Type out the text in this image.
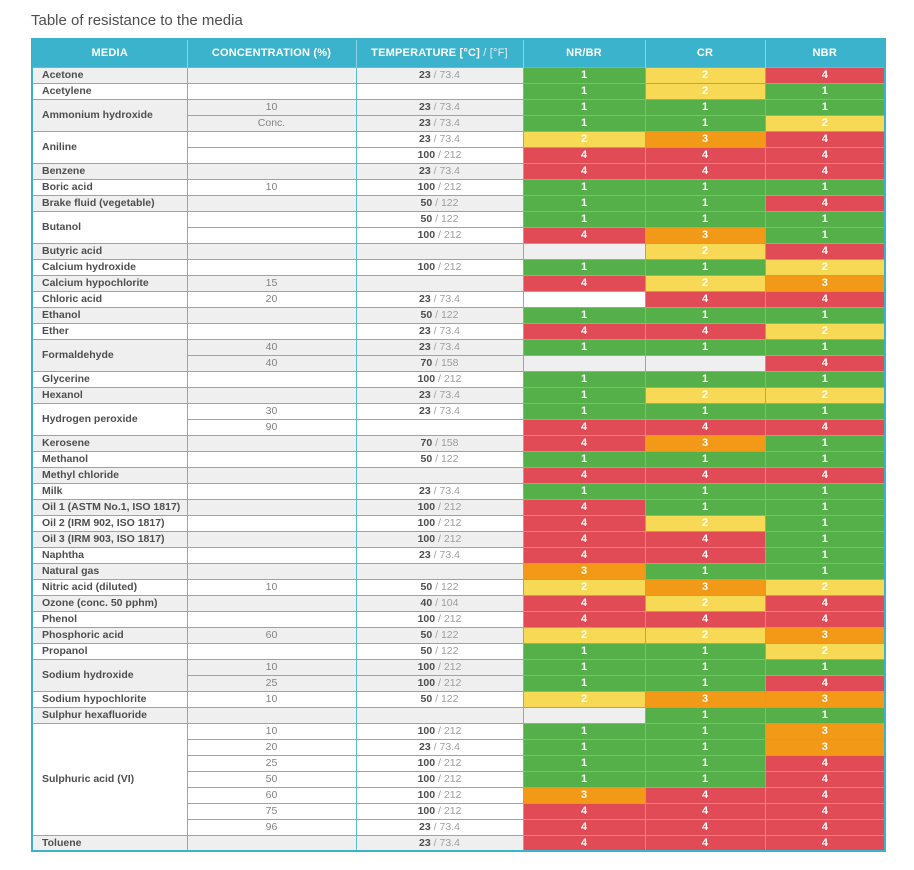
Table of resistance to the media
MEDIA	CONCENTRATION (%)	TEMPERATURE [°C] / [°F]	NR/BR	CR	NBR
Acetone		23 / 73.4	1	2	4
Acetylene			1	2	1
Ammonium hydroxide	10	23 / 73.4	1	1	1
	Conc.	23 / 73.4	1	1	2
Aniline		23 / 73.4	2	3	4
		100 / 212	4	4	4
Benzene		23 / 73.4	4	4	4
Boric acid	10	100 / 212	1	1	1
Brake fluid (vegetable)		50 / 122	1	1	4
Butanol		50 / 122	1	1	1
		100 / 212	4	3	1
Butyric acid				2	4
Calcium hydroxide		100 / 212	1	1	2
Calcium hypochlorite	15		4	2	3
Chloric acid	20	23 / 73.4		4	4
Ethanol		50 / 122	1	1	1
Ether		23 / 73.4	4	4	2
Formaldehyde	40	23 / 73.4	1	1	1
	40	70 / 158			4
Glycerine		100 / 212	1	1	1
Hexanol		23 / 73.4	1	2	2
Hydrogen peroxide	30	23 / 73.4	1	1	1
	90		4	4	4
Kerosene		70 / 158	4	3	1
Methanol		50 / 122	1	1	1
Methyl chloride			4	4	4
Milk		23 / 73.4	1	1	1
Oil 1 (ASTM No.1, ISO 1817)		100 / 212	4	1	1
Oil 2 (IRM 902, ISO 1817)		100 / 212	4	2	1
Oil 3 (IRM 903, ISO 1817)		100 / 212	4	4	1
Naphtha		23 / 73.4	4	4	1
Natural gas			3	1	1
Nitric acid (diluted)	10	50 / 122	2	3	2
Ozone (conc. 50 pphm)		40 / 104	4	2	4
Phenol		100 / 212	4	4	4
Phosphoric acid	60	50 / 122	2	2	3
Propanol		50 / 122	1	1	2
Sodium hydroxide	10	100 / 212	1	1	1
	25	100 / 212	1	1	4
Sodium hypochlorite	10	50 / 122	2	3	3
Sulphur hexafluoride				1	1
Sulphuric acid (VI)	10	100 / 212	1	1	3
	20	23 / 73.4	1	1	3
	25	100 / 212	1	1	4
	50	100 / 212	1	1	4
	60	100 / 212	3	4	4
	75	100 / 212	4	4	4
	96	23 / 73.4	4	4	4
Toluene		23 / 73.4	4	4	4
